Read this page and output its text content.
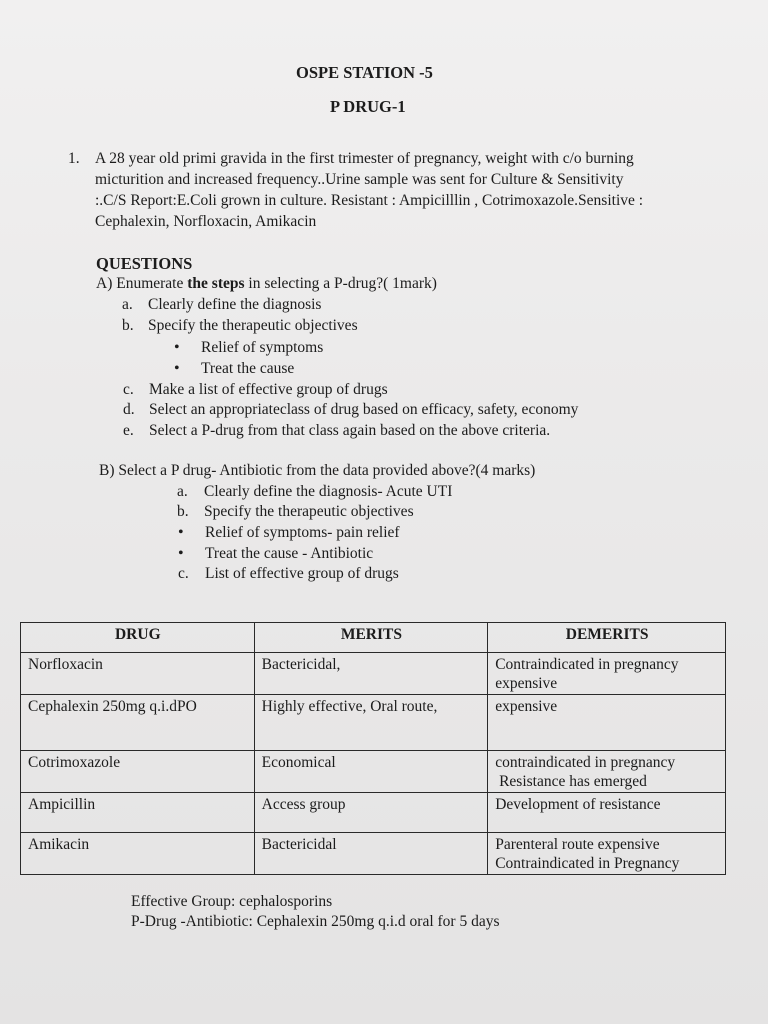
OSPE STATION -5
P DRUG-1
1. A 28 year old primi gravida in the first trimester of pregnancy, weight with c/o burning
micturition and increased frequency..Urine sample was sent for Culture & Sensitivity
:.C/S Report:E.Coli grown in culture. Resistant : Ampicilllin , Cotrimoxazole.Sensitive :
Cephalexin, Norfloxacin, Amikacin
QUESTIONS
A) Enumerate the steps in selecting a P-drug?( 1mark)
a. Clearly define the diagnosis
b. Specify the therapeutic objectives
• Relief of symptoms
• Treat the cause
c. Make a list of effective group of drugs
d. Select an appropriateclass of drug based on efficacy, safety, economy
e. Select a P-drug from that class again based on the above criteria.
B) Select a P drug- Antibiotic from the data provided above?(4 marks)
a. Clearly define the diagnosis- Acute UTI
b. Specify the therapeutic objectives
• Relief of symptoms- pain relief
• Treat the cause - Antibiotic
c. List of effective group of drugs
DRUG	MERITS	DEMERITS
Norfloxacin	Bactericidal,	Contraindicated in pregnancy
expensive

Cephalexin 250mg q.i.dPO	Highly effective, Oral route,	expensive

Cotrimoxazole	Economical	contraindicated in pregnancy
Resistance has emerged

Ampicillin	Access group	Development of resistance

Amikacin	Bactericidal	Parenteral route expensive
Contraindicated in Pregnancy
Effective Group: cephalosporins
P-Drug -Antibiotic: Cephalexin 250mg q.i.d oral for 5 days
